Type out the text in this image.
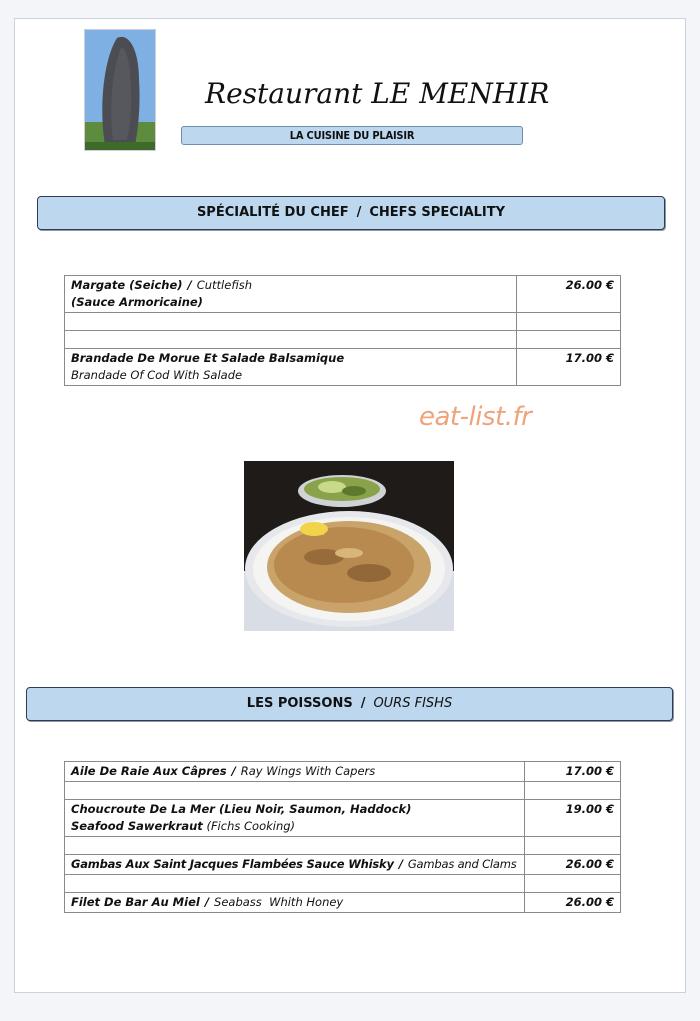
Restaurant LE MENHIR
LA CUISINE DU PLAISIR
SPÉCIALITÉ DU CHEF / CHEFS SPECIALITY
Margate (Seiche) / Cuttlefish
(Sauce Armoricaine)	26.00 €

Brandade De Morue Et Salade Balsamique
Brandade Of Cod With Salade	17.00 €
eat-list.fr
LES POISSONS / OURS FISHS
Aile De Raie Aux Câpres / Ray Wings With Capers	17.00 €

Choucroute De La Mer (Lieu Noir, Saumon, Haddock)
Seafood Sawerkraut (Fichs Cooking)	19.00 €

Gambas Aux Saint Jacques Flambées Sauce Whisky / Gambas and Clams	26.00 €

Filet De Bar Au Miel / Seabass  Whith Honey	26.00 €
